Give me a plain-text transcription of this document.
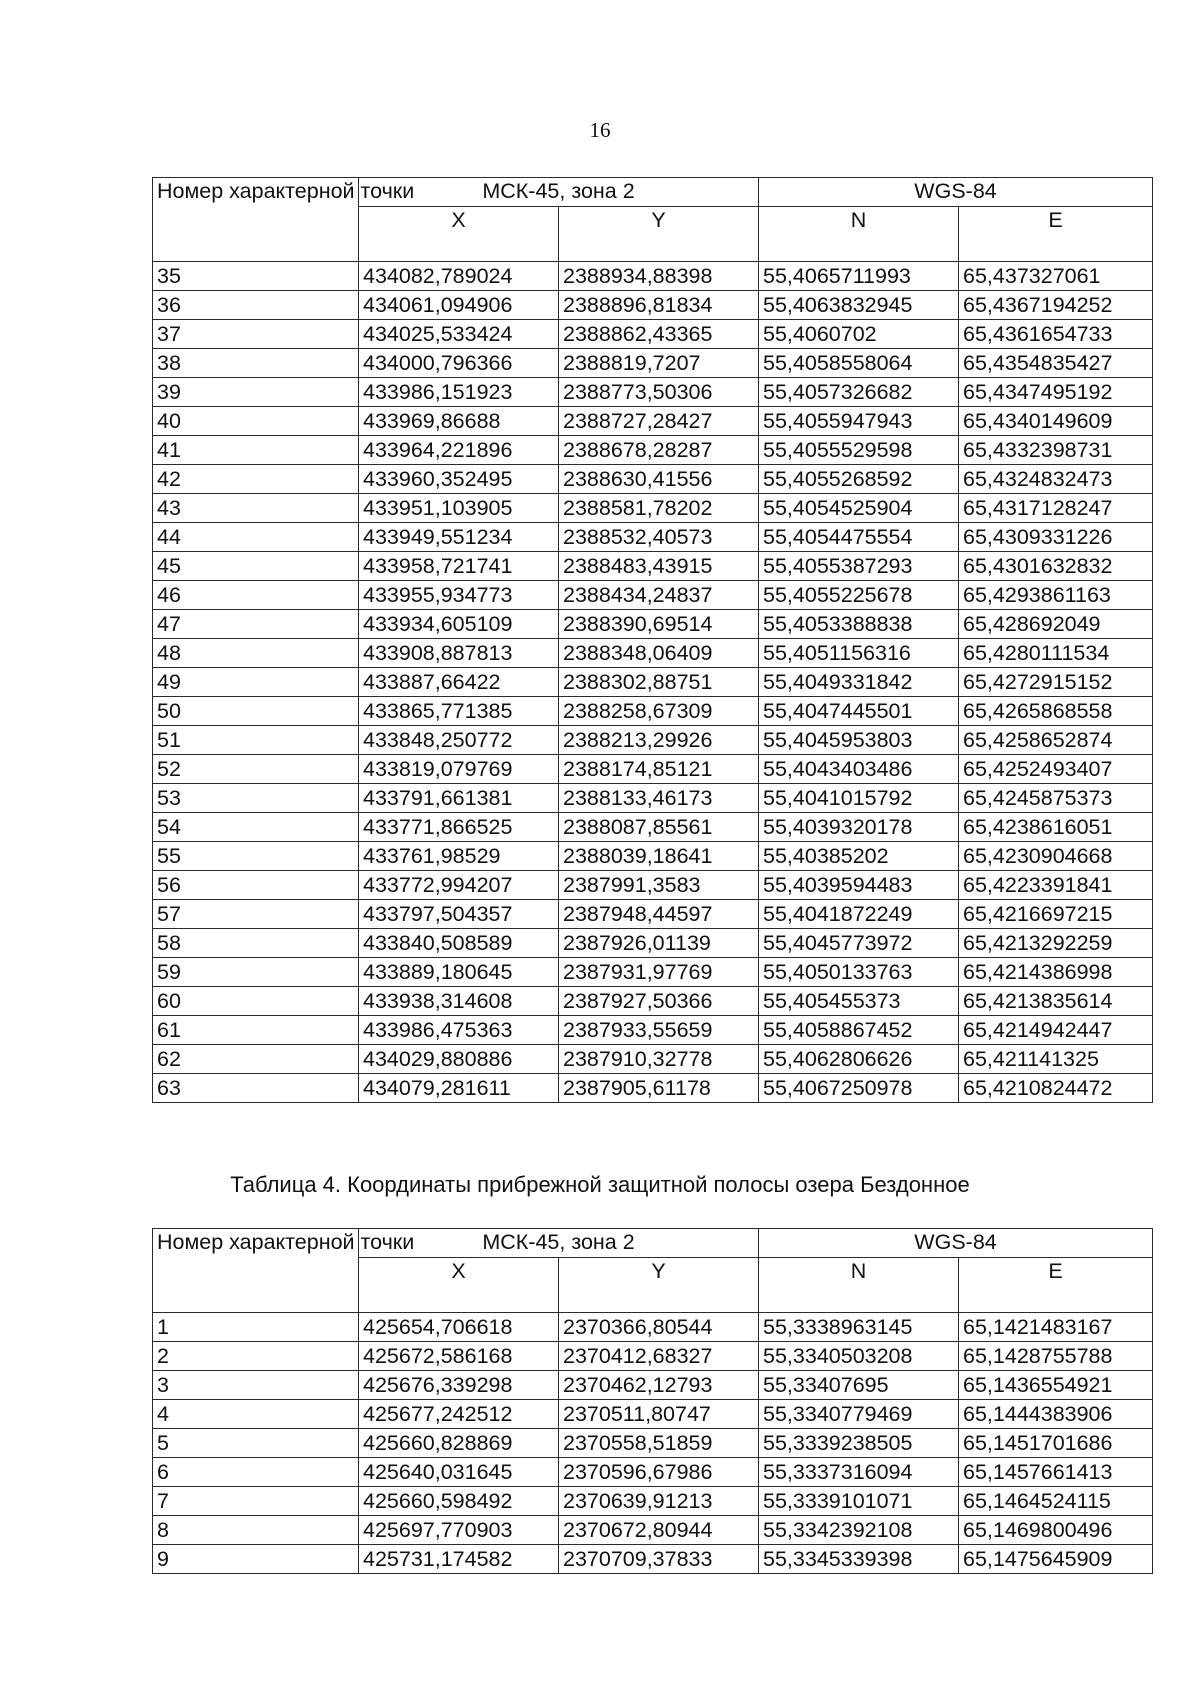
16
Номер характерной точки	МСК-45, зона 2		WGS-84	
	X	Y	N	E
35	434082,789024	2388934,88398	55,4065711993	65,437327061
36	434061,094906	2388896,81834	55,4063832945	65,4367194252
37	434025,533424	2388862,43365	55,4060702	65,4361654733
38	434000,796366	2388819,7207	55,4058558064	65,4354835427
39	433986,151923	2388773,50306	55,4057326682	65,4347495192
40	433969,86688	2388727,28427	55,4055947943	65,4340149609
41	433964,221896	2388678,28287	55,4055529598	65,4332398731
42	433960,352495	2388630,41556	55,4055268592	65,4324832473
43	433951,103905	2388581,78202	55,4054525904	65,4317128247
44	433949,551234	2388532,40573	55,4054475554	65,4309331226
45	433958,721741	2388483,43915	55,4055387293	65,4301632832
46	433955,934773	2388434,24837	55,4055225678	65,4293861163
47	433934,605109	2388390,69514	55,4053388838	65,428692049
48	433908,887813	2388348,06409	55,4051156316	65,4280111534
49	433887,66422	2388302,88751	55,4049331842	65,4272915152
50	433865,771385	2388258,67309	55,4047445501	65,4265868558
51	433848,250772	2388213,29926	55,4045953803	65,4258652874
52	433819,079769	2388174,85121	55,4043403486	65,4252493407
53	433791,661381	2388133,46173	55,4041015792	65,4245875373
54	433771,866525	2388087,85561	55,4039320178	65,4238616051
55	433761,98529	2388039,18641	55,40385202	65,4230904668
56	433772,994207	2387991,3583	55,4039594483	65,4223391841
57	433797,504357	2387948,44597	55,4041872249	65,4216697215
58	433840,508589	2387926,01139	55,4045773972	65,4213292259
59	433889,180645	2387931,97769	55,4050133763	65,4214386998
60	433938,314608	2387927,50366	55,405455373	65,4213835614
61	433986,475363	2387933,55659	55,4058867452	65,4214942447
62	434029,880886	2387910,32778	55,4062806626	65,421141325
63	434079,281611	2387905,61178	55,4067250978	65,4210824472
Таблица 4. Координаты прибрежной защитной полосы озера Бездонное
Номер характерной точки	МСК-45, зона 2		WGS-84	
	X	Y	N	E
1	425654,706618	2370366,80544	55,3338963145	65,1421483167
2	425672,586168	2370412,68327	55,3340503208	65,1428755788
3	425676,339298	2370462,12793	55,33407695	65,1436554921
4	425677,242512	2370511,80747	55,3340779469	65,1444383906
5	425660,828869	2370558,51859	55,3339238505	65,1451701686
6	425640,031645	2370596,67986	55,3337316094	65,1457661413
7	425660,598492	2370639,91213	55,3339101071	65,1464524115
8	425697,770903	2370672,80944	55,3342392108	65,1469800496
9	425731,174582	2370709,37833	55,3345339398	65,1475645909
